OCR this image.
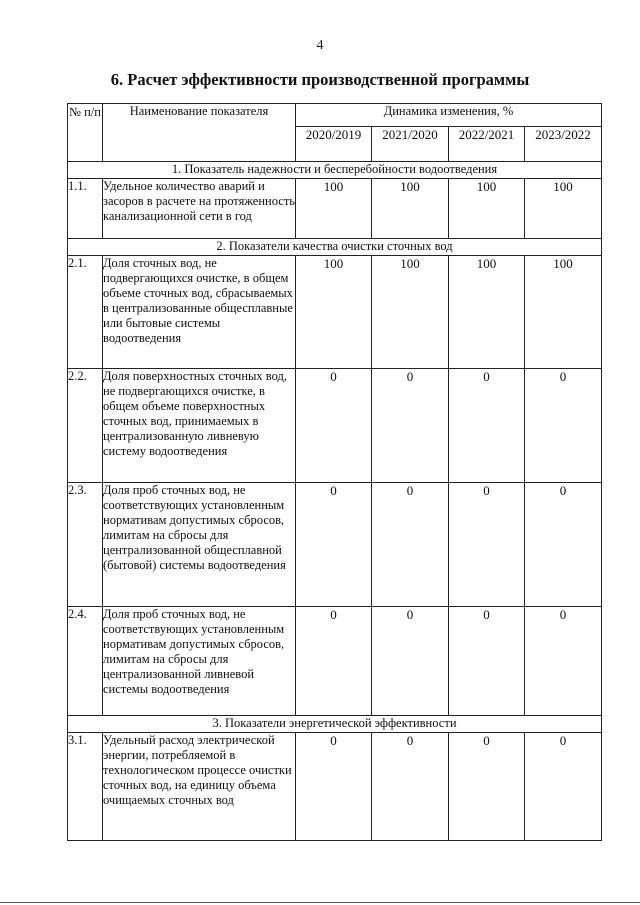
4
6. Расчет эффективности производственной программы
№ п/п	Наименование показателя	Динамика изменения, %			
		2020/2019	2021/2020	2022/2021	2023/2022
1. Показатель надежности и бесперебойности водоотведения					
1.1.	Удельное количество аварий и засоров в расчете на протяженность канализационной сети в год	100	100	100	100
2. Показатели качества очистки сточных вод					
2.1.	Доля сточных вод, не подвергающихся очистке, в общем объеме сточных вод, сбрасываемых в централизованные общесплавные или бытовые системы водоотведения	100	100	100	100
2.2.	Доля поверхностных сточных вод, не подвергающихся очистке, в общем объеме поверхностных сточных вод, принимаемых в централизованную ливневую систему водоотведения	0	0	0	0
2.3.	Доля проб сточных вод, не соответствующих установленным нормативам допустимых сбросов, лимитам на сбросы для централизованной общесплавной (бытовой) системы водоотведения	0	0	0	0
2.4.	Доля проб сточных вод, не соответствующих установленным нормативам допустимых сбросов, лимитам на сбросы для централизованной ливневой системы водоотведения	0	0	0	0
3. Показатели энергетической эффективности					
3.1.	Удельный расход электрической энергии, потребляемой в технологическом процессе очистки сточных вод, на единицу объема очищаемых сточных вод	0	0	0	0
